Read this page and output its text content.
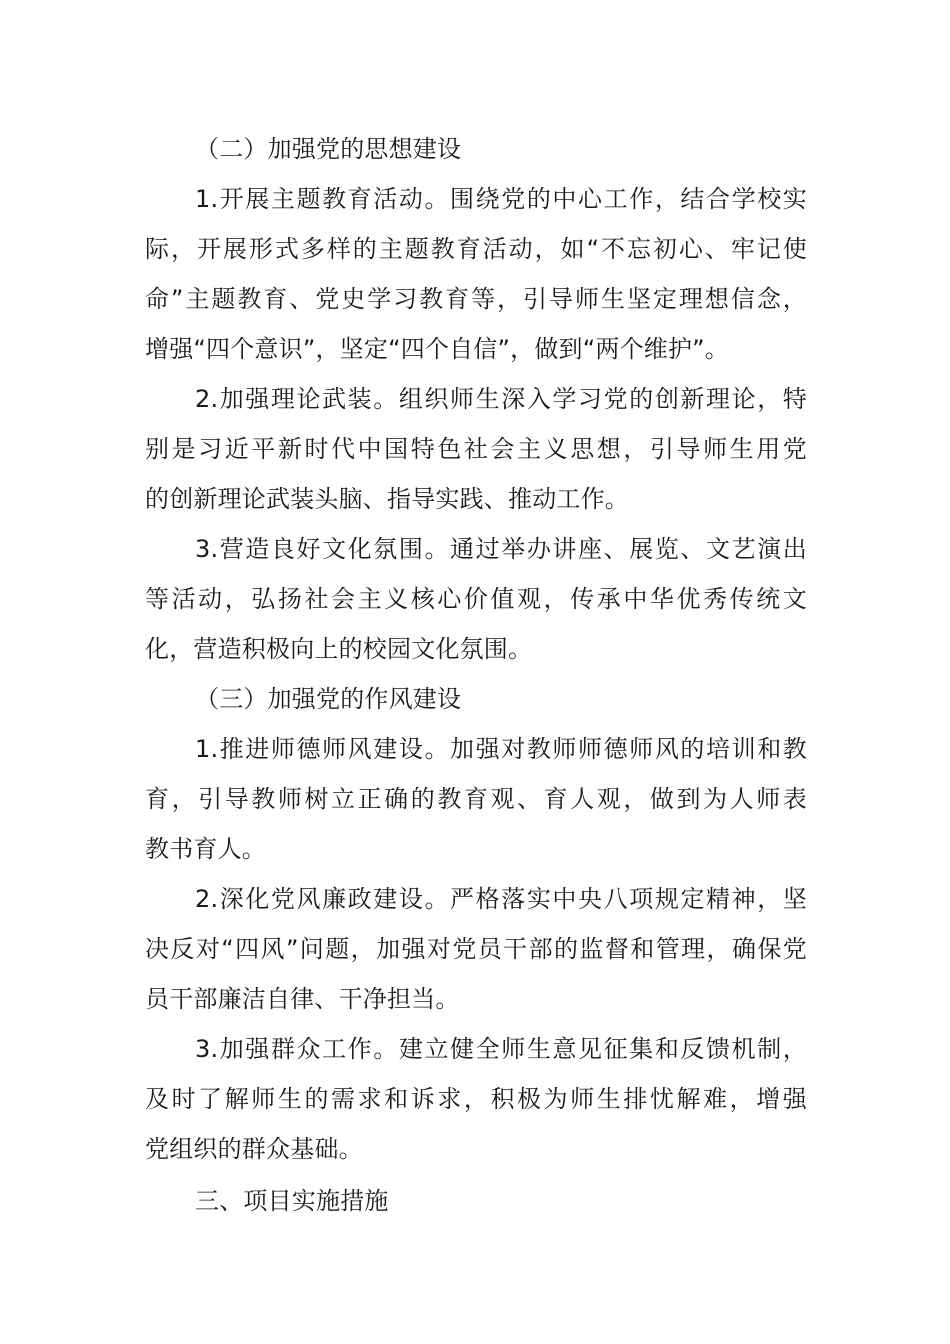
（二）加强党的思想建设
1.开展主题教育活动。围绕党的中心工作，结合学校实
际，开展形式多样的主题教育活动，如“不忘初心、牢记使
命”主题教育、党史学习教育等，引导师生坚定理想信念，
增强“四个意识”，坚定“四个自信”，做到“两个维护”。
2.加强理论武装。组织师生深入学习党的创新理论，特
别是习近平新时代中国特色社会主义思想，引导师生用党
的创新理论武装头脑、指导实践、推动工作。
3.营造良好文化氛围。通过举办讲座、展览、文艺演出
等活动，弘扬社会主义核心价值观，传承中华优秀传统文
化，营造积极向上的校园文化氛围。
（三）加强党的作风建设
1.推进师德师风建设。加强对教师师德师风的培训和教
育，引导教师树立正确的教育观、育人观，做到为人师表
教书育人。
2.深化党风廉政建设。严格落实中央八项规定精神，坚
决反对“四风”问题，加强对党员干部的监督和管理，确保党
员干部廉洁自律、干净担当。
3.加强群众工作。建立健全师生意见征集和反馈机制，
及时了解师生的需求和诉求，积极为师生排忧解难，增强
党组织的群众基础。
三、项目实施措施
